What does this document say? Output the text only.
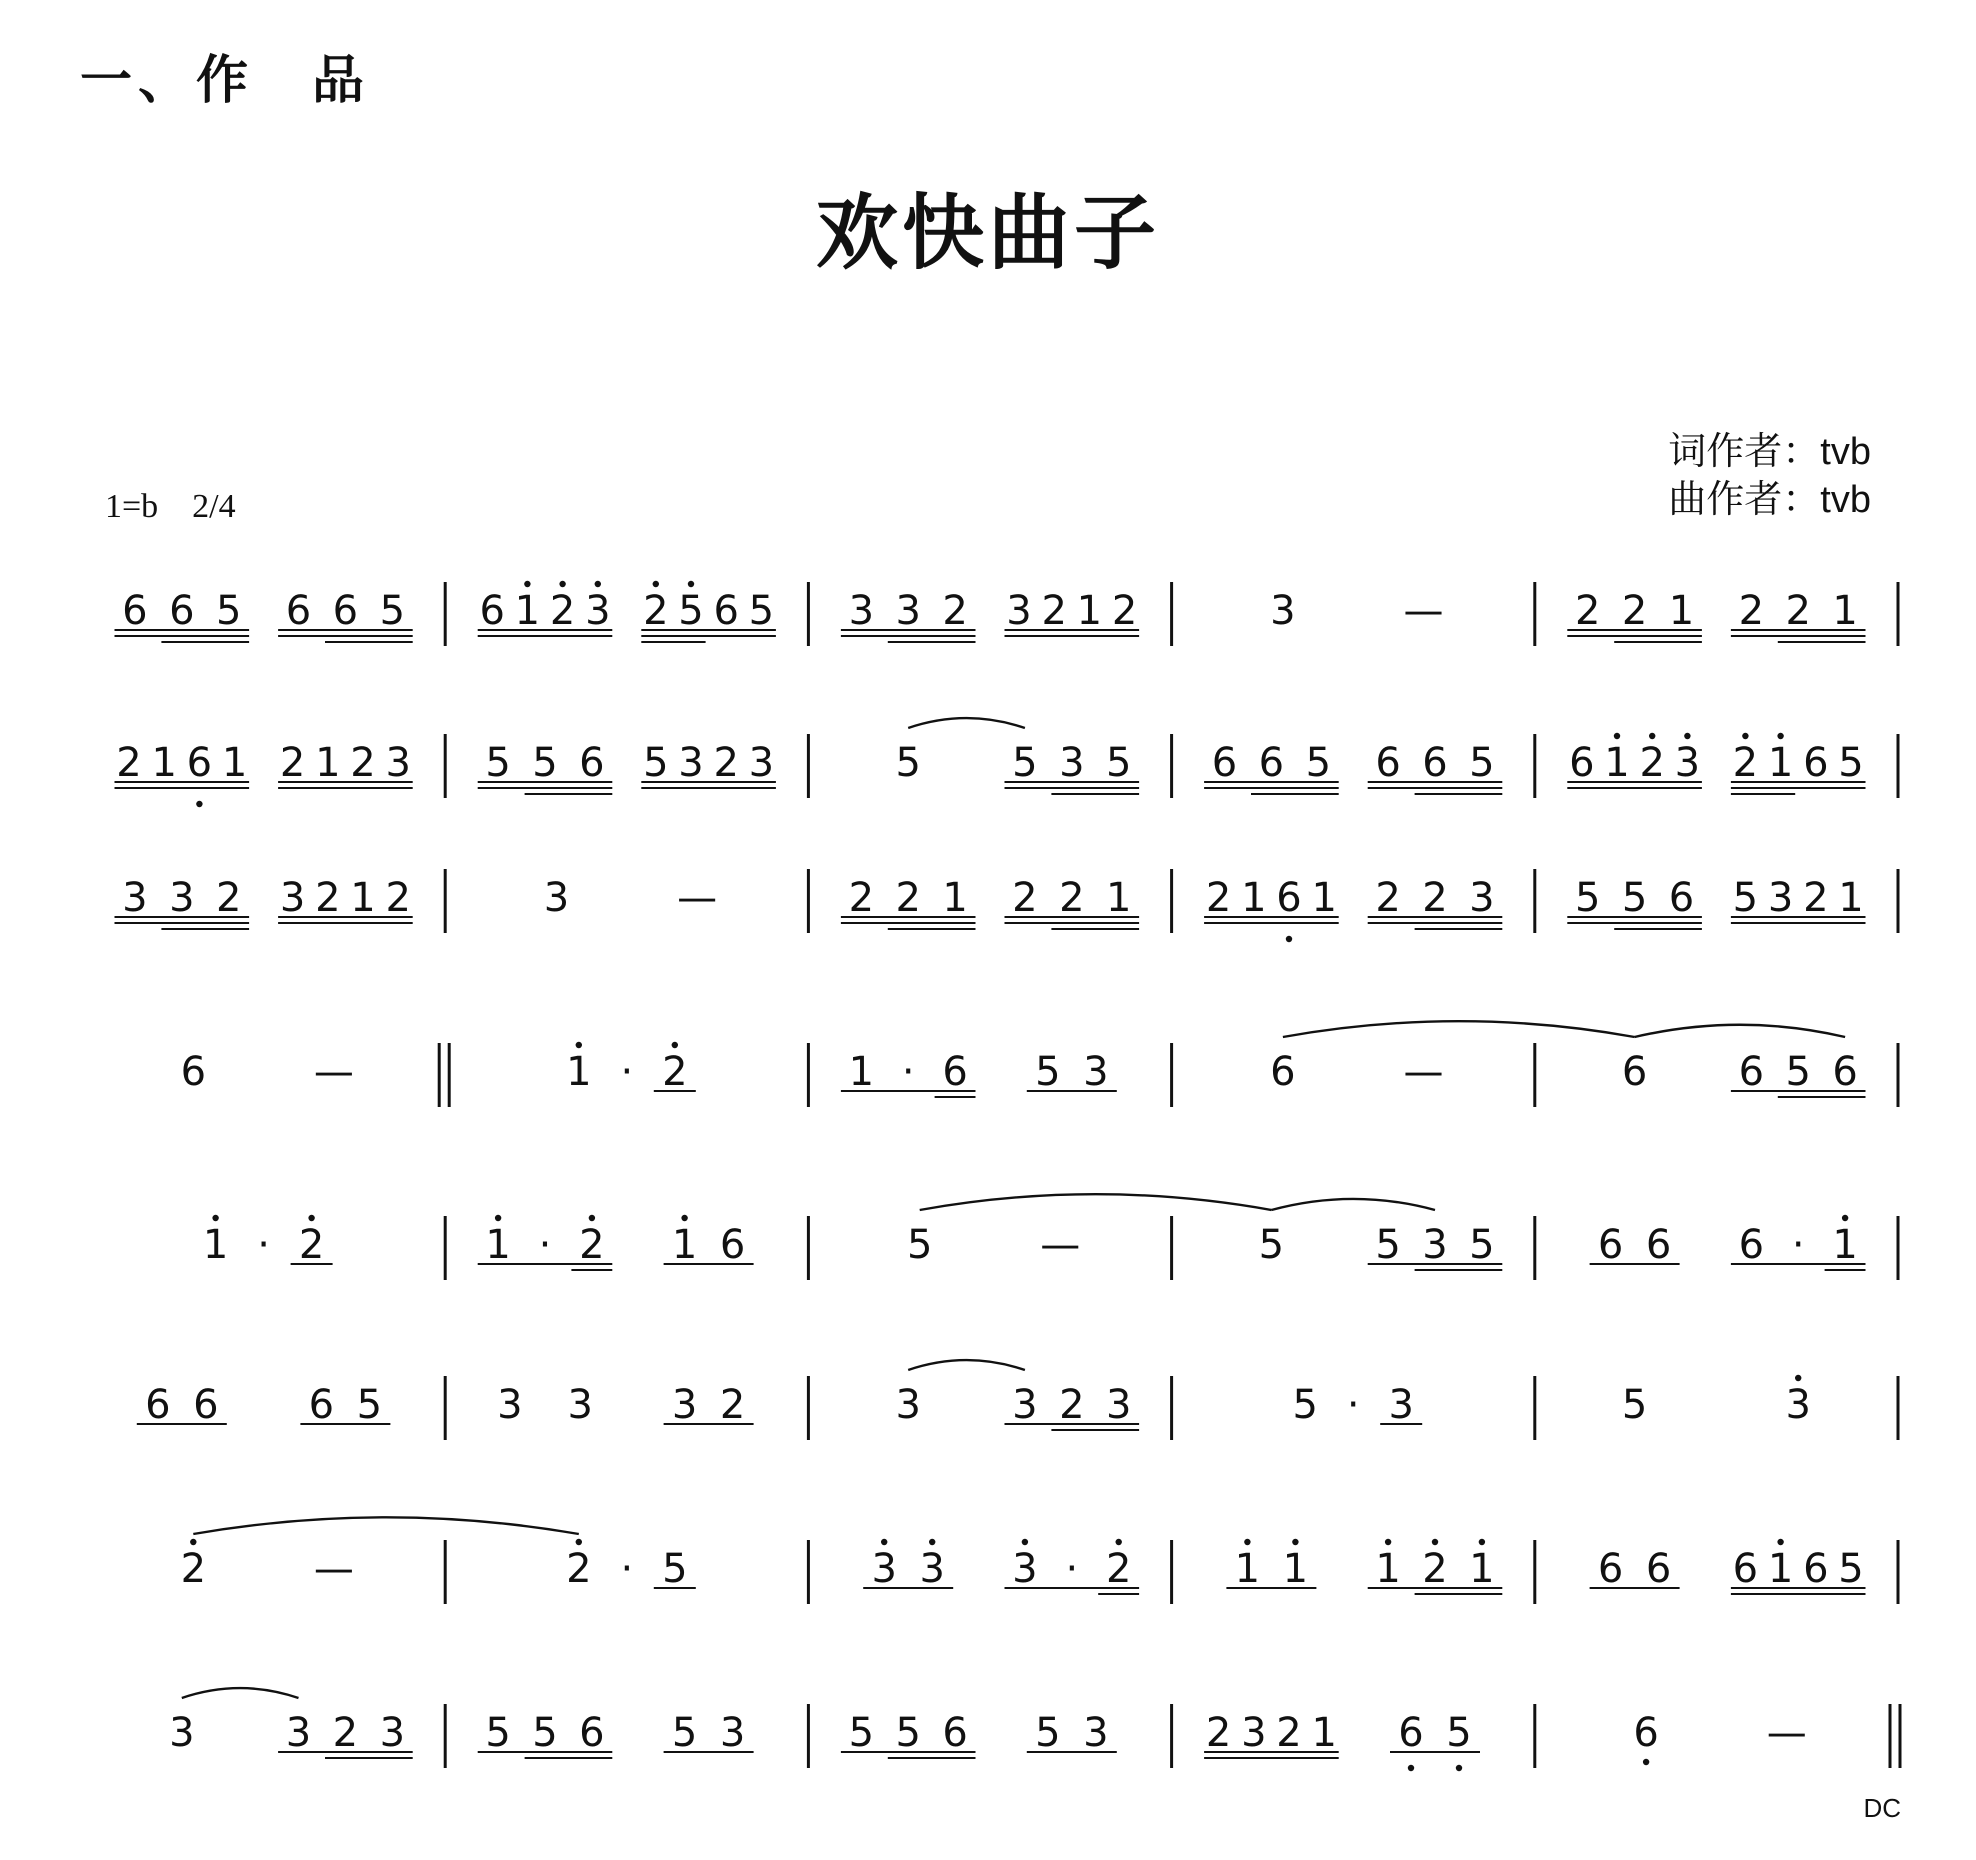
一、作　品
欢快曲子
词作者：tvb
曲作者：tvb
1=b　2/4
6 6 5 6 6 5 6 1 2 3 2 5 6 5 3 3 2 3 2 1 2	3	—	2 2 1 2 2 1
2 1 6 1 2 1 2 3 5 5 6 5 3 2 3	5 5 3 5 6 6 5 6 6 5 6 1 2 3 2 1 6 5
3 3 2 3 2 1 2	3	—	2 2 1 2 2 1 2 1 6 1 2 2 3 5 5 6 5 3 2 1
6	—	1 · 2	1 · 6 5 3	6	—	6 6 5 6
1 · 2	1 · 2 1 6	5	—	5 5 3 5	6 6 6 · 1
6 6 6 5	3 3 3 2	3 3 2 3	5 · 3	5	3
2	—	2 · 5	3 3 3 · 2	1 1 1 2 1	6 6 6 1 6 5
3 3 2 3 5 5 6 5 3	5 5 6 5 3 2 3 2 1 6 5	6	—
DC
